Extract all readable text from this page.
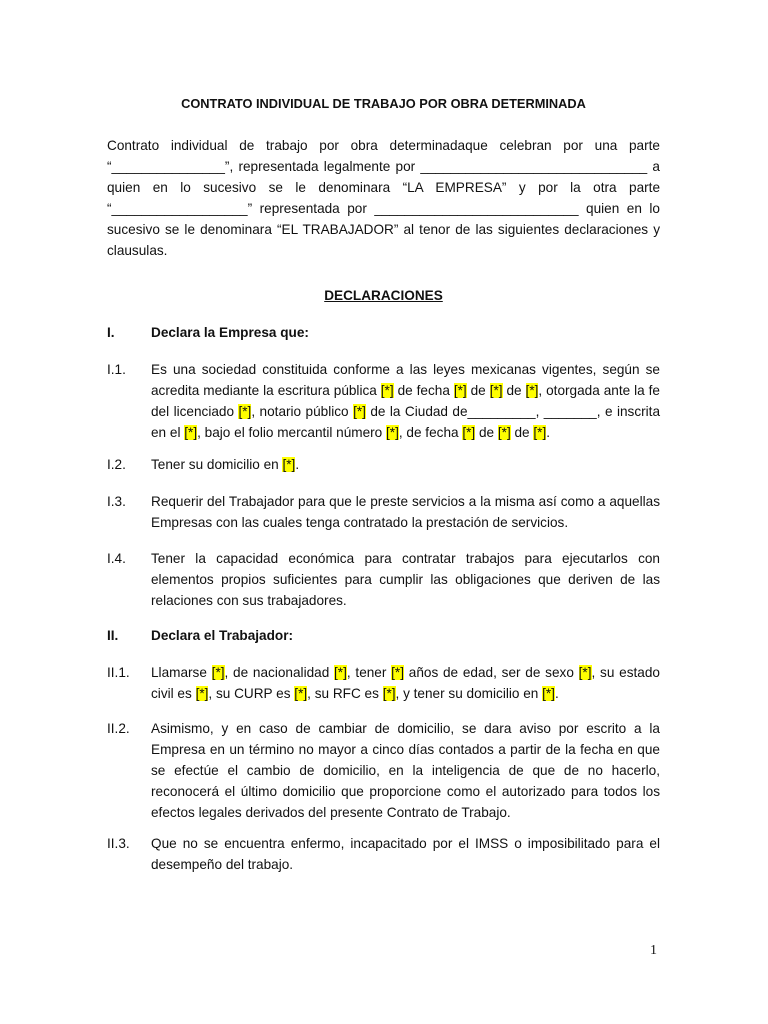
CONTRATO INDIVIDUAL DE TRABAJO POR OBRA DETERMINADA
Contrato individual de trabajo por obra determinadaque celebran por una parte
“_______________”, representada legalmente por ______________________________ a
quien en lo sucesivo se le denominara “LA EMPRESA” y por la otra parte
“__________________” representada por ___________________________ quien en lo
sucesivo se le denominara “EL TRABAJADOR” al tenor de las siguientes declaraciones y
clausulas.
DECLARACIONES
I.	Declara la Empresa que:
I.1.	Es una sociedad constituida conforme a las leyes mexicanas vigentes, según se acredita mediante la escritura pública [*] de fecha [*] de [*] de [*], otorgada ante la fe del licenciado [*], notario público [*] de la Ciudad de_________, _______, e inscrita en el [*], bajo el folio mercantil número [*], de fecha [*] de [*] de [*].
I.2.	Tener su domicilio en [*].
I.3.	Requerir del Trabajador para que le preste servicios a la misma así como a aquellas Empresas con las cuales tenga contratado la prestación de servicios.
I.4.	Tener la capacidad económica para contratar trabajos para ejecutarlos con elementos propios suficientes para cumplir las obligaciones que deriven de las relaciones con sus trabajadores.
II.	Declara el Trabajador:
II.1.	Llamarse [*], de nacionalidad [*], tener [*] años de edad, ser de sexo [*], su estado civil es [*], su CURP es [*], su RFC es [*], y tener su domicilio en [*].
II.2.	Asimismo, y en caso de cambiar de domicilio, se dara aviso por escrito a la Empresa en un término no mayor a cinco días contados a partir de la fecha en que se efectúe el cambio de domicilio, en la inteligencia de que de no hacerlo, reconocerá el último domicilio que proporcione como el autorizado para todos los efectos legales derivados del presente Contrato de Trabajo.
II.3.	Que no se encuentra enfermo, incapacitado por el IMSS o imposibilitado para el desempeño del trabajo.
1
